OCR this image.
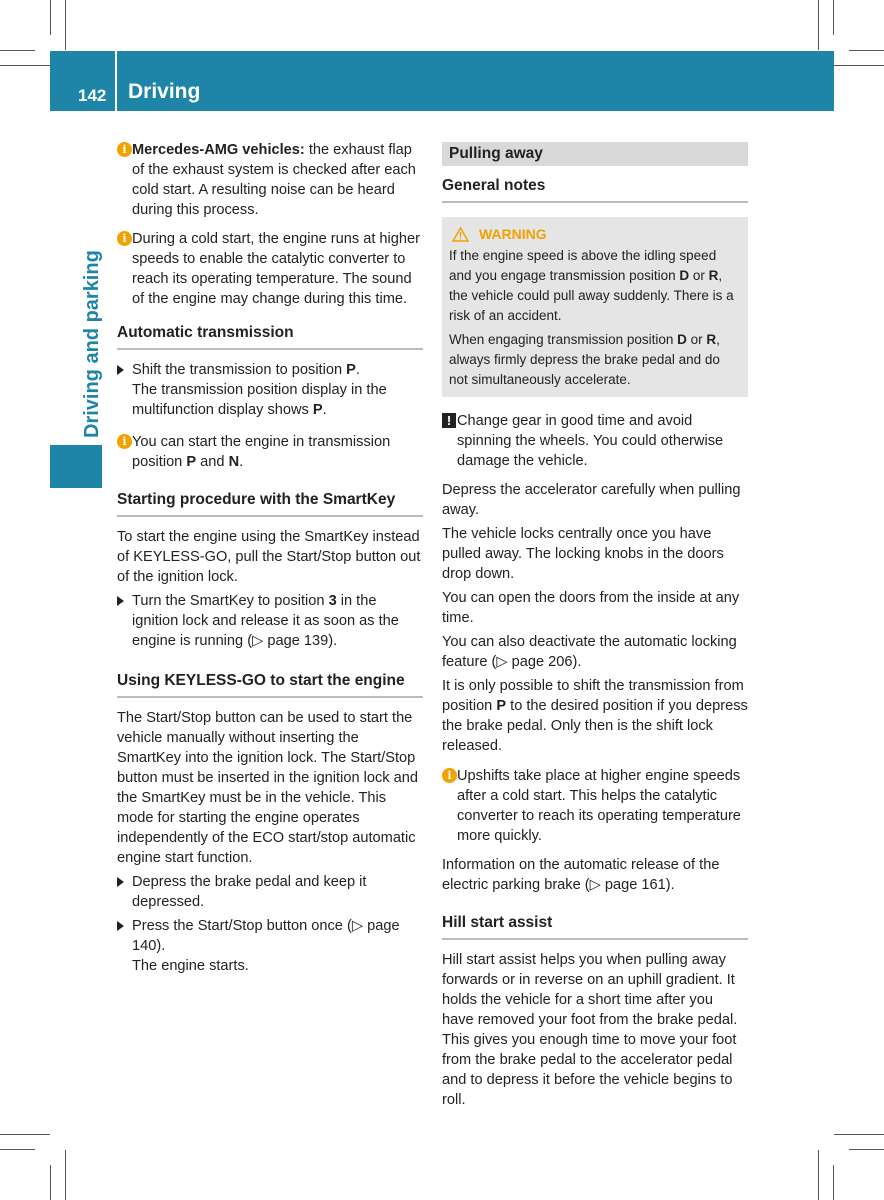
142 Driving
Driving and parking
i Mercedes-AMG vehicles: the exhaust flap of the exhaust system is checked after each cold start. A resulting noise can be heard during this process.
i During a cold start, the engine runs at higher speeds to enable the catalytic converter to reach its operating temperature. The sound of the engine may change during this time.
Automatic transmission
Shift the transmission to position P.
The transmission position display in the multifunction display shows P.
i You can start the engine in transmission position P and N.
Starting procedure with the SmartKey

To start the engine using the SmartKey instead of KEYLESS-GO, pull the Start/Stop button out of the ignition lock.

Turn the SmartKey to position 3 in the ignition lock and release it as soon as the engine is running (▷ page 139).
Using KEYLESS-GO to start the engine

The Start/Stop button can be used to start the vehicle manually without inserting the SmartKey into the ignition lock. The Start/Stop button must be inserted in the ignition lock and the SmartKey must be in the vehicle. This mode for starting the engine operates independently of the ECO start/stop automatic engine start function.

Depress the brake pedal and keep it depressed.
Press the Start/Stop button once (▷ page 140).
The engine starts.
Pulling away
General notes
WARNING

If the engine speed is above the idling speed and you engage transmission position D or R, the vehicle could pull away suddenly. There is a risk of an accident.

When engaging transmission position D or R, always firmly depress the brake pedal and do not simultaneously accelerate.

! Change gear in good time and avoid spinning the wheels. You could otherwise damage the vehicle.

Depress the accelerator carefully when pulling away.

The vehicle locks centrally once you have pulled away. The locking knobs in the doors drop down.

You can open the doors from the inside at any time.

You can also deactivate the automatic locking feature (▷ page 206).

It is only possible to shift the transmission from position P to the desired position if you depress the brake pedal. Only then is the shift lock released.

i Upshifts take place at higher engine speeds after a cold start. This helps the catalytic converter to reach its operating temperature more quickly.

Information on the automatic release of the electric parking brake (▷ page 161).

Hill start assist

Hill start assist helps you when pulling away forwards or in reverse on an uphill gradient. It holds the vehicle for a short time after you have removed your foot from the brake pedal. This gives you enough time to move your foot from the brake pedal to the accelerator pedal and to depress it before the vehicle begins to roll.
